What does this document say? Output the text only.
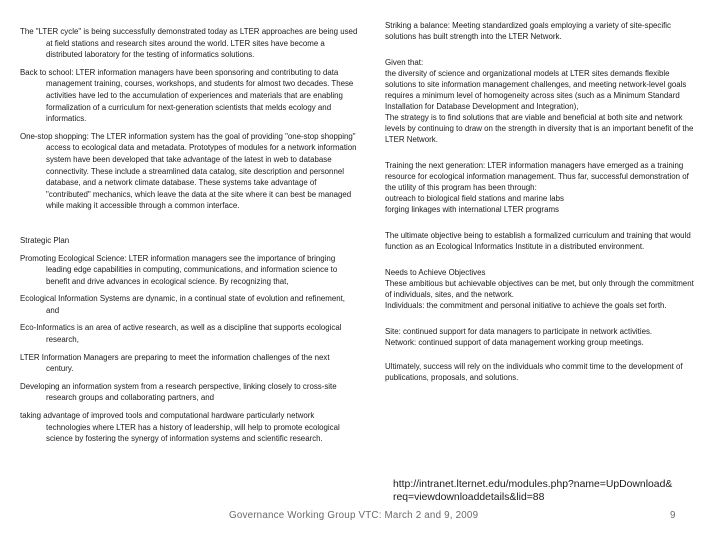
The "LTER cycle" is being successfully demonstrated today as LTER approaches are being used at field stations and research sites around the world. LTER sites have become a distributed laboratory for the testing of informatics solutions.

Back to school: LTER information managers have been sponsoring and contributing to data management training, courses, workshops, and students for almost two decades. These activities have led to the accumulation of experiences and materials that are enabling formalization of a curriculum for next-generation scientists that melds ecology and informatics.

One-stop shopping: The LTER information system has the goal of providing "one-stop shopping" access to ecological data and metadata. Prototypes of modules for a network information system have been developed that take advantage of the latest in web to database connectivity. These include a streamlined data catalog, site description and personnel database, and a network climate database. These systems take advantage of "contributed" mechanics, which leave the data at the site where it can best be managed while making it accessible through a common interface.

Strategic Plan

Promoting Ecological Science: LTER information managers see the importance of bringing leading edge capabilities in computing, communications, and information science to benefit and drive advances in ecological science. By recognizing that,

Ecological Information Systems are dynamic, in a continual state of evolution and refinement, and

Eco-Informatics is an area of active research, as well as a discipline that supports ecological research,

LTER Information Managers are preparing to meet the information challenges of the next century.

Developing an information system from a research perspective, linking closely to cross-site research groups and collaborating partners, and

taking advantage of improved tools and computational hardware particularly network technologies where LTER has a history of leadership, will help to promote ecological science by fostering the synergy of information systems and scientific research.

Striking a balance: Meeting standardized goals employing a variety of site-specific solutions has built strength into the LTER Network.

Given that:
the diversity of science and organizational models at LTER sites demands flexible solutions to site information management challenges, and meeting network-level goals requires a minimum level of homogeneity across sites (such as a Minimum Standard Installation for Database Development and Integration),
The strategy is to find solutions that are viable and beneficial at both site and network levels by continuing to draw on the strength in diversity that is an important benefit of the LTER Network.

Training the next generation: LTER information managers have emerged as a training resource for ecological information management. Thus far, successful demonstration of the utility of this program has been through:
outreach to biological field stations and marine labs
forging linkages with international LTER programs

The ultimate objective being to establish a formalized curriculum and training that would function as an Ecological Informatics Institute in a distributed environment.

Needs to Achieve Objectives
These ambitious but achievable objectives can be met, but only through the commitment of individuals, sites, and the network.
Individuals: the commitment and personal initiative to achieve the goals set forth.

Site: continued support for data managers to participate in network activities.
Network: continued support of data management working group meetings.

Ultimately, success will rely on the individuals who commit time to the development of publications, proposals, and solutions.

http://intranet.lternet.edu/modules.php?name=UpDownload&req=viewdownloaddetails&lid=88
Governance Working Group VTC: March 2 and 9, 2009	9
